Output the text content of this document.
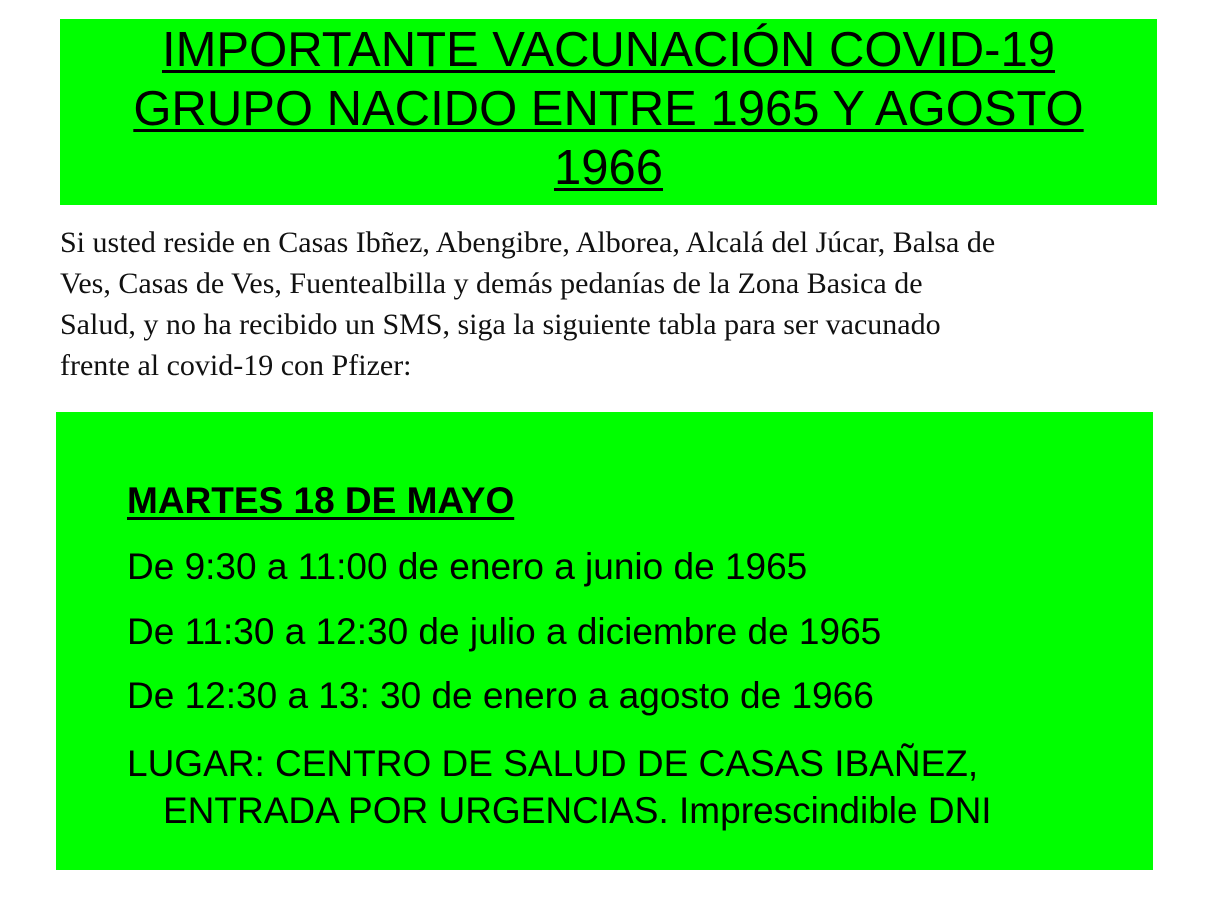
IMPORTANTE VACUNACIÓN COVID-19
GRUPO NACIDO ENTRE 1965 Y AGOSTO
1966
Si usted reside en Casas Ibñez, Abengibre, Alborea, Alcalá del Júcar, Balsa de
Ves, Casas de Ves, Fuentealbilla y demás pedanías de la Zona Basica de
Salud, y no ha recibido un SMS, siga la siguiente tabla para ser vacunado
frente al covid-19 con Pfizer:
MARTES 18 DE MAYO
De 9:30 a 11:00 de enero a junio de 1965
De 11:30 a 12:30 de julio a diciembre de 1965
De 12:30 a 13: 30 de enero a agosto de 1966
LUGAR: CENTRO DE SALUD DE CASAS IBAÑEZ,
ENTRADA POR URGENCIAS. Imprescindible DNI
